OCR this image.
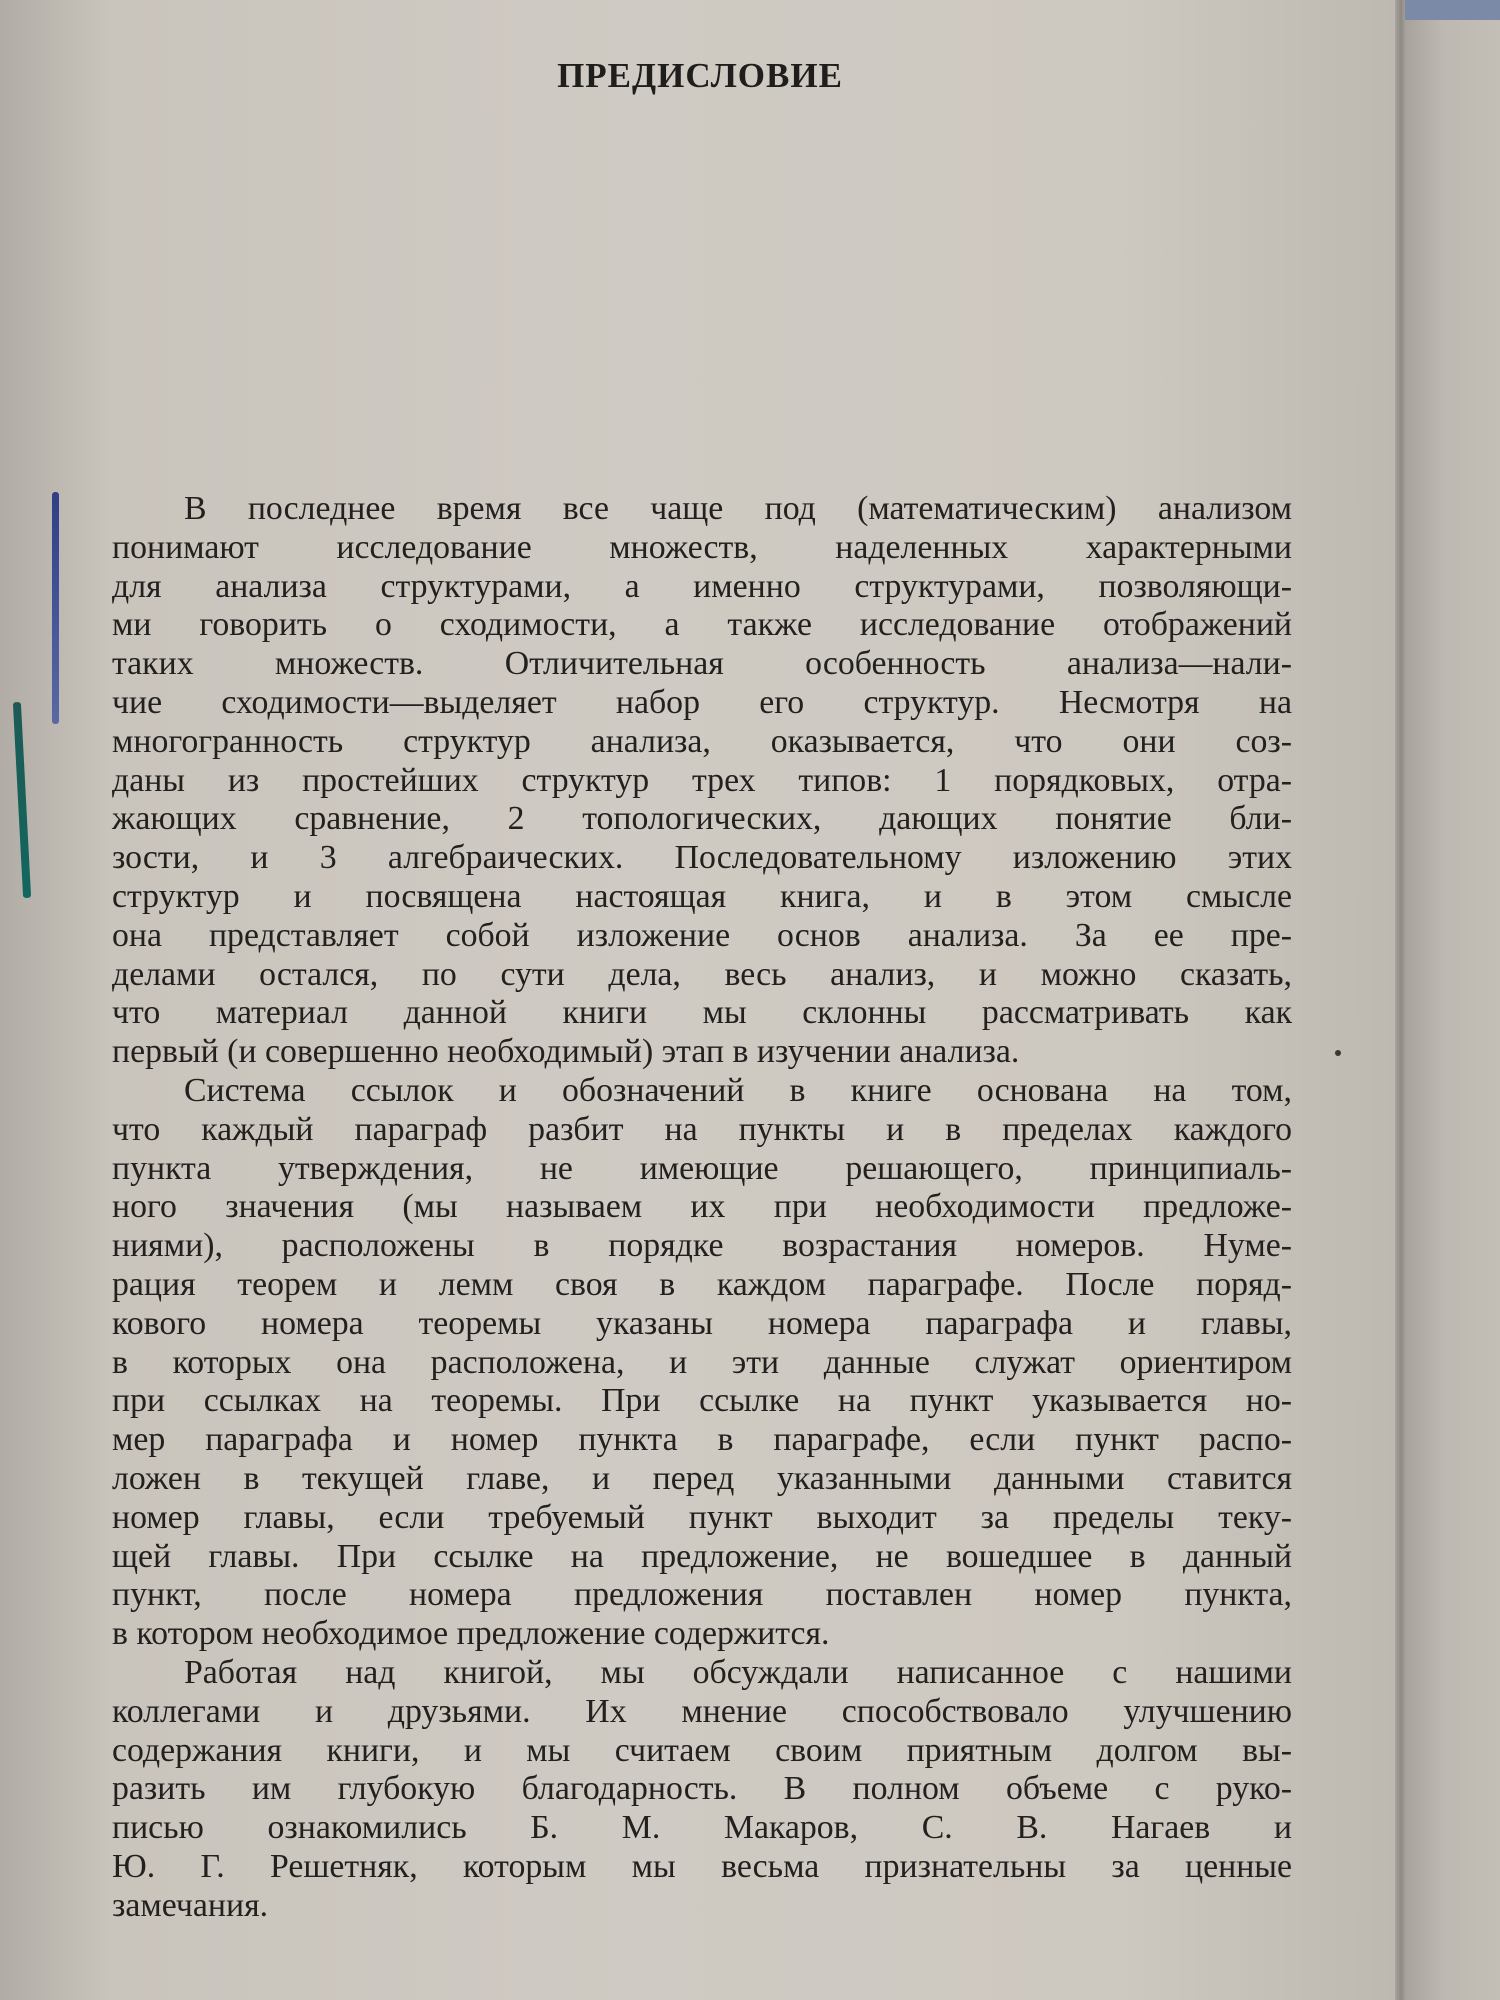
ПРЕДИСЛОВИЕ
В последнее время все чаще под (математическим) анализом
понимают исследование множеств, наделенных характерными
для анализа структурами, а именно структурами, позволяющи-
ми говорить о сходимости, а также исследование отображений
таких множеств. Отличительная особенность анализа—нали-
чие сходимости—выделяет набор его структур. Несмотря на
многогранность структур анализа, оказывается, что они соз-
даны из простейших структур трех типов: 1 порядковых, отра-
жающих сравнение, 2 топологических, дающих понятие бли-
зости, и 3 алгебраических. Последовательному изложению этих
структур и посвящена настоящая книга, и в этом смысле
она представляет собой изложение основ анализа. За ее пре-
делами остался, по сути дела, весь анализ, и можно сказать,
что материал данной книги мы склонны рассматривать как
первый (и совершенно необходимый) этап в изучении анализа.
Система ссылок и обозначений в книге основана на том,
что каждый параграф разбит на пункты и в пределах каждого
пункта утверждения, не имеющие решающего, принципиаль-
ного значения (мы называем их при необходимости предложе-
ниями), расположены в порядке возрастания номеров. Нуме-
рация теорем и лемм своя в каждом параграфе. После поряд-
кового номера теоремы указаны номера параграфа и главы,
в которых она расположена, и эти данные служат ориентиром
при ссылках на теоремы. При ссылке на пункт указывается но-
мер параграфа и номер пункта в параграфе, если пункт распо-
ложен в текущей главе, и перед указанными данными ставится
номер главы, если требуемый пункт выходит за пределы теку-
щей главы. При ссылке на предложение, не вошедшее в данный
пункт, после номера предложения поставлен номер пункта,
в котором необходимое предложение содержится.
Работая над книгой, мы обсуждали написанное с нашими
коллегами и друзьями. Их мнение способствовало улучшению
содержания книги, и мы считаем своим приятным долгом вы-
разить им глубокую благодарность. В полном объеме с руко-
писью ознакомились Б. М. Макаров, С. В. Нагаев и
Ю. Г. Решетняк, которым мы весьма признательны за ценные
замечания.
